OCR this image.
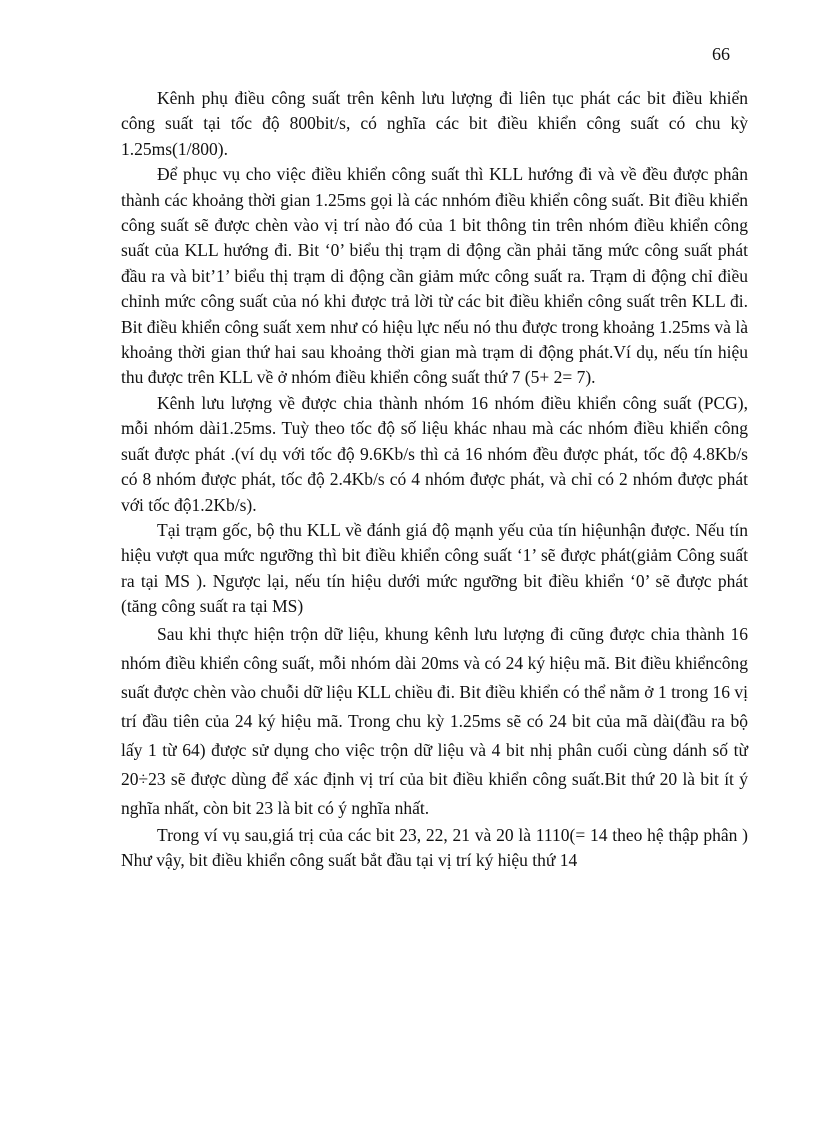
66

Kênh phụ điều công suất trên kênh lưu lượng đi liên tục phát các bit điều khiển công suất tại tốc độ 800bit/s, có nghĩa các bit điều khiển công suất có chu kỳ 1.25ms(1/800).

Để phục vụ cho việc điều khiển công suất thì KLL hướng đi và về đều được phân thành các khoảng thời gian 1.25ms gọi là các nnhóm điều khiển công suất. Bit điều khiển công suất sẽ được chèn vào vị trí nào đó của 1 bit thông tin trên nhóm điều khiển công suất của KLL hướng đi. Bit ‘0’ biểu thị trạm di động cần phải tăng mức công suất phát đầu ra và bit’1’ biểu thị trạm di động cần giảm mức công suất ra. Trạm di động chỉ điều chỉnh mức công suất của nó khi được trả lời từ các bit điều khiển công suất trên KLL đi. Bit điều khiển công suất xem như có hiệu lực nếu nó thu được trong khoảng 1.25ms và là khoảng thời gian thứ hai sau khoảng thời gian mà trạm di động phát.Ví dụ, nếu tín hiệu thu được trên KLL về ở nhóm điều khiển công suất thứ 7 (5+ 2= 7).

Kênh lưu lượng về được chia thành nhóm 16 nhóm điều khiển công suất (PCG), mỗi nhóm dài1.25ms. Tuỳ theo tốc độ số liệu khác nhau mà các nhóm điều khiển công suất được phát .(ví dụ với tốc độ 9.6Kb/s thì cả 16 nhóm đều được phát, tốc độ 4.8Kb/s có 8 nhóm được phát, tốc độ 2.4Kb/s có 4 nhóm được phát, và chỉ có 2 nhóm được phát với tốc độ1.2Kb/s).

Tại trạm gốc, bộ thu KLL về đánh giá độ mạnh yếu của tín hiệunhận được. Nếu tín hiệu vượt qua mức ngưỡng thì bit điều khiển công suất ‘1’ sẽ được phát(giảm Công suất ra tại MS ). Ngược lại, nếu tín hiệu dưới mức ngưỡng bit điều khiển ‘0’ sẽ được phát (tăng công suất ra tại MS)

Sau khi thực hiện trộn dữ liệu, khung kênh lưu lượng đi cũng được chia thành 16 nhóm điều khiển công suất, mỗi nhóm dài 20ms và có 24 ký hiệu mã. Bit điều khiểncông suất được chèn vào chuỗi dữ liệu KLL chiều đi. Bit điều khiển có thể nằm ở 1 trong 16 vị trí đầu tiên của 24 ký hiệu mã. Trong chu kỳ 1.25ms sẽ có 24 bit của mã dài(đầu ra bộ lấy 1 từ 64) được sử dụng cho việc trộn dữ liệu và 4 bit nhị phân cuối cùng dánh số từ 20÷23 sẽ được dùng để xác định vị trí của bit điều khiển công suất.Bit thứ 20 là bit ít ý nghĩa nhất, còn bit 23 là bit có ý nghĩa nhất.

Trong ví vụ sau,giá trị của các bit 23, 22, 21 và 20 là 1110(= 14 theo hệ thập phân ) Như vậy, bit điều khiển công suất bắt đầu tại vị trí ký hiệu thứ 14
